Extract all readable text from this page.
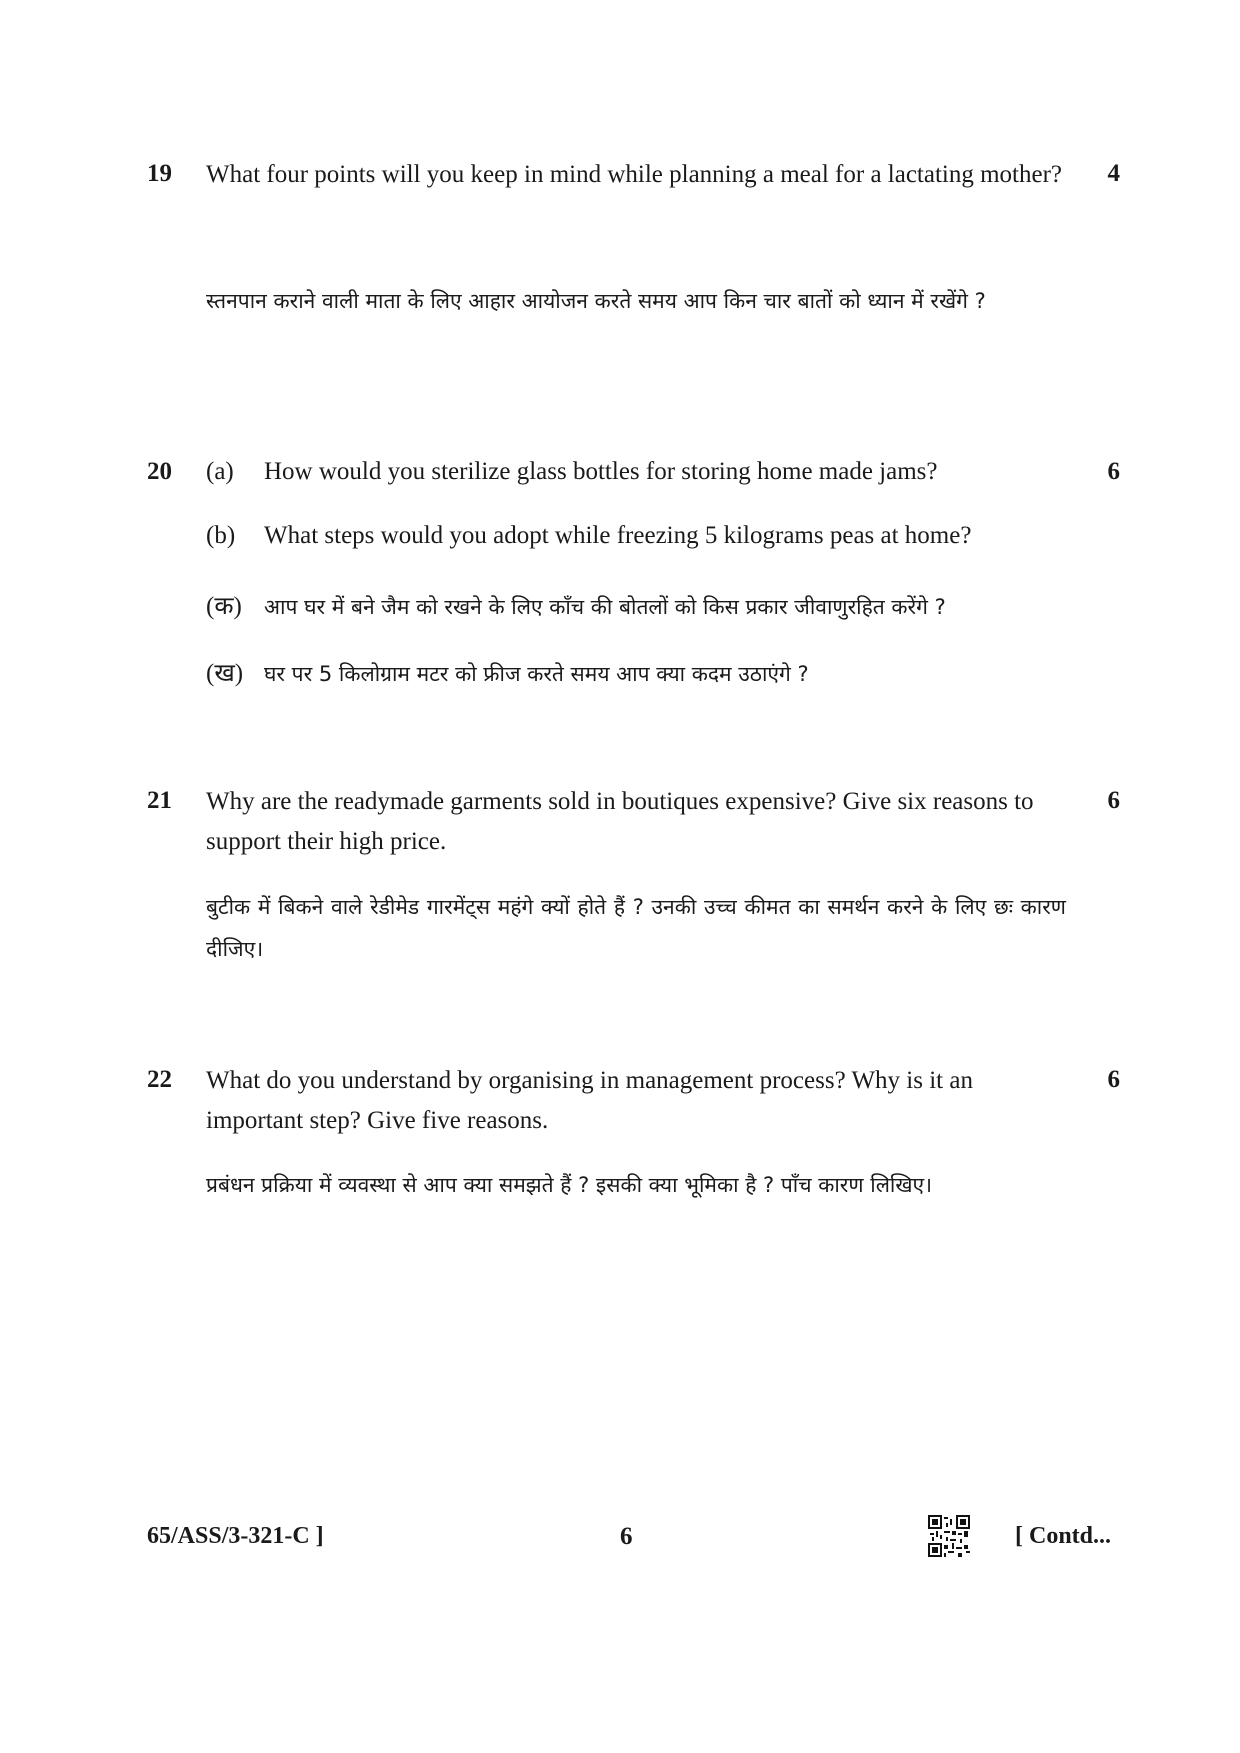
19	4
What four points will you keep in mind while planning a meal for a lactating mother?
स्तनपान कराने वाली माता के लिए आहार आयोजन करते समय आप किन चार बातों को ध्यान में रखेंगे ?
20	6
(a) How would you sterilize glass bottles for storing home made jams?
(b) What steps would you adopt while freezing 5 kilograms peas at home?
(क) आप घर में बने जैम को रखने के लिए काँच की बोतलों को किस प्रकार जीवाणुरहित करेंगे ?
(ख) घर पर 5 किलोग्राम मटर को फ्रीज करते समय आप क्या कदम उठाएंगे ?
21	6
Why are the readymade garments sold in boutiques expensive? Give six reasons to support their high price.
बुटीक में बिकने वाले रेडीमेड गारमेंट्स महंगे क्यों होते हैं ? उनकी उच्च कीमत का समर्थन करने के लिए छः कारण दीजिए।
22	6
What do you understand by organising in management process? Why is it an important step? Give five reasons.
प्रबंधन प्रक्रिया में व्यवस्था से आप क्या समझते हैं ? इसकी क्या भूमिका है ? पाँच कारण लिखिए।
65/ASS/3-321-C ]	6	[ Contd...
